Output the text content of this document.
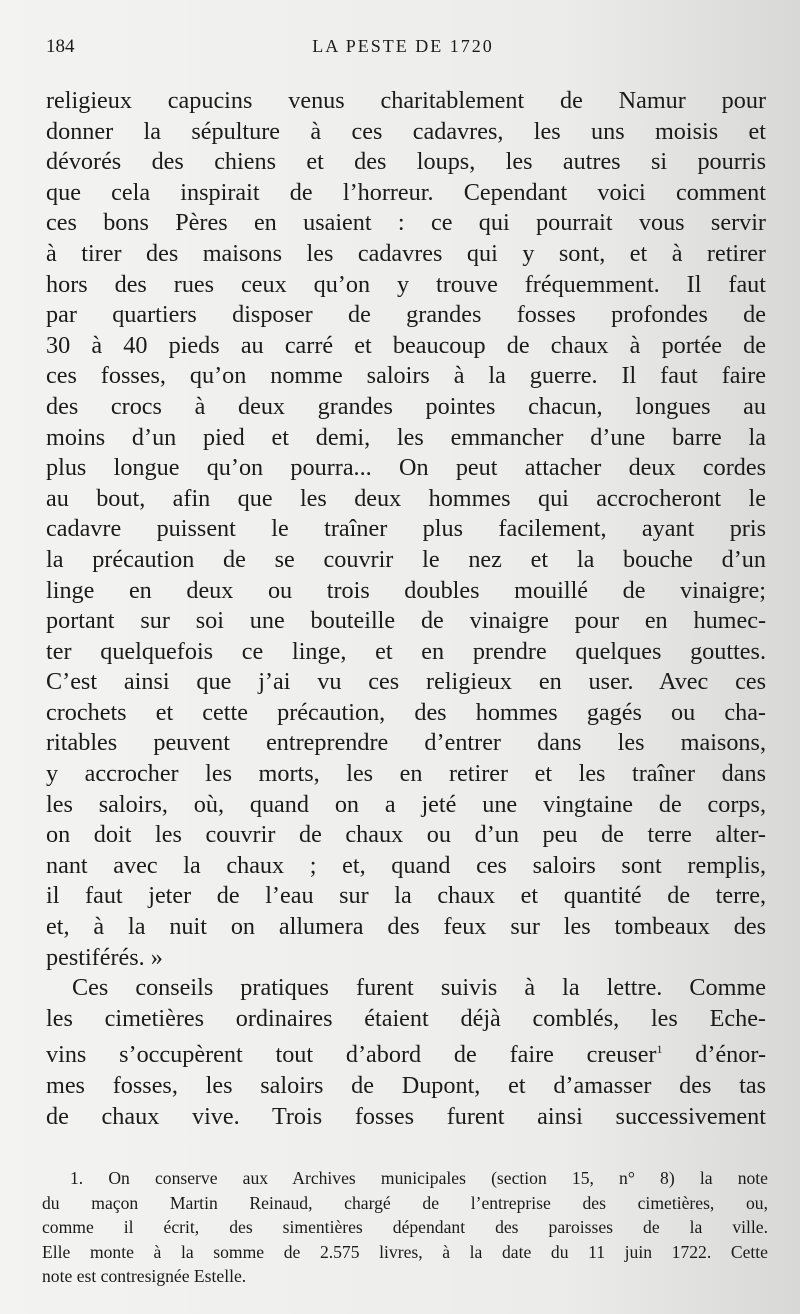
184	LA PESTE DE 1720
religieux capucins venus charitablement de Namur pour
donner la sépulture à ces cadavres, les uns moisis et
dévorés des chiens et des loups, les autres si pourris
que cela inspirait de l’horreur. Cependant voici comment
ces bons Pères en usaient : ce qui pourrait vous servir
à tirer des maisons les cadavres qui y sont, et à retirer
hors des rues ceux qu’on y trouve fréquemment. Il faut
par quartiers disposer de grandes fosses profondes de
30 à 40 pieds au carré et beaucoup de chaux à portée de
ces fosses, qu’on nomme saloirs à la guerre. Il faut faire
des crocs à deux grandes pointes chacun, longues au
moins d’un pied et demi, les emmancher d’une barre la
plus longue qu’on pourra... On peut attacher deux cordes
au bout, afin que les deux hommes qui accrocheront le
cadavre puissent le traîner plus facilement, ayant pris
la précaution de se couvrir le nez et la bouche d’un
linge en deux ou trois doubles mouillé de vinaigre;
portant sur soi une bouteille de vinaigre pour en humec-
ter quelquefois ce linge, et en prendre quelques gouttes.
C’est ainsi que j’ai vu ces religieux en user. Avec ces
crochets et cette précaution, des hommes gagés ou cha-
ritables peuvent entreprendre d’entrer dans les maisons,
y accrocher les morts, les en retirer et les traîner dans
les saloirs, où, quand on a jeté une vingtaine de corps,
on doit les couvrir de chaux ou d’un peu de terre alter-
nant avec la chaux ; et, quand ces saloirs sont remplis,
il faut jeter de l’eau sur la chaux et quantité de terre,
et, à la nuit on allumera des feux sur les tombeaux des
pestiférés. »
Ces conseils pratiques furent suivis à la lettre. Comme
les cimetières ordinaires étaient déjà comblés, les Eche-
vins s’occupèrent tout d’abord de faire creuser$^1$ d’énor-
mes fosses, les saloirs de Dupont, et d’amasser des tas
de chaux vive. Trois fosses furent ainsi successivement
1. On conserve aux Archives municipales (section 15, n° 8) la note
du maçon Martin Reinaud, chargé de l’entreprise des cimetières, ou,
comme il écrit, des simentières dépendant des paroisses de la ville.
Elle monte à la somme de 2.575 livres, à la date du 11 juin 1722. Cette
note est contresignée Estelle.
